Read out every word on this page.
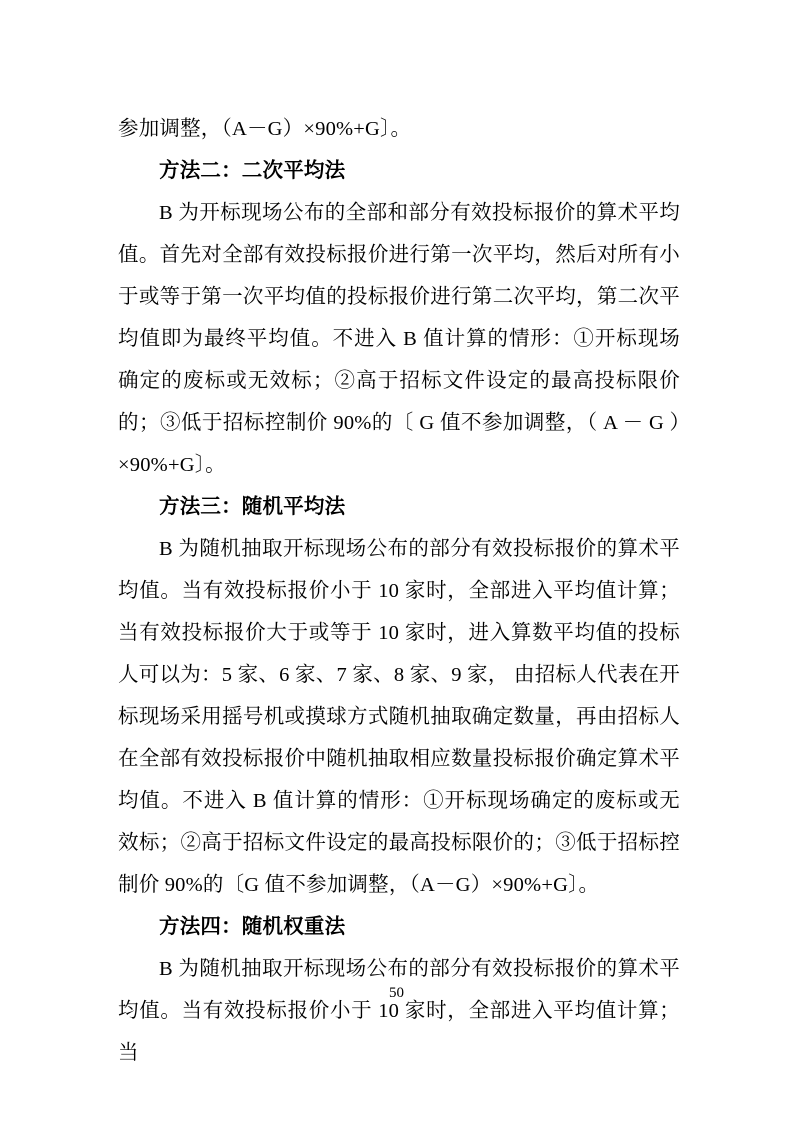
参加调整，（A－G）×90%+G〕。

方法二：二次平均法

B 为开标现场公布的全部和部分有效投标报价的算术平均值。首先对全部有效投标报价进行第一次平均，然后对所有小于或等于第一次平均值的投标报价进行第二次平均，第二次平均值即为最终平均值。不进入 B 值计算的情形：①开标现场确定的废标或无效标；②高于招标文件设定的最高投标限价的；③低于招标控制价 90%的〔 G 值不参加调整，（ A － G ）×90%+G〕。

方法三：随机平均法

B 为随机抽取开标现场公布的部分有效投标报价的算术平均值。当有效投标报价小于 10 家时，全部进入平均值计算；当有效投标报价大于或等于 10 家时，进入算数平均值的投标人可以为：5 家、6 家、7 家、8 家、9 家， 由招标人代表在开标现场采用摇号机或摸球方式随机抽取确定数量，再由招标人在全部有效投标报价中随机抽取相应数量投标报价确定算术平均值。不进入 B 值计算的情形：①开标现场确定的废标或无效标；②高于招标文件设定的最高投标限价的；③低于招标控制价 90%的〔G 值不参加调整，（A－G）×90%+G〕。

方法四：随机权重法

B 为随机抽取开标现场公布的部分有效投标报价的算术平均值。当有效投标报价小于 10 家时，全部进入平均值计算；当

50
